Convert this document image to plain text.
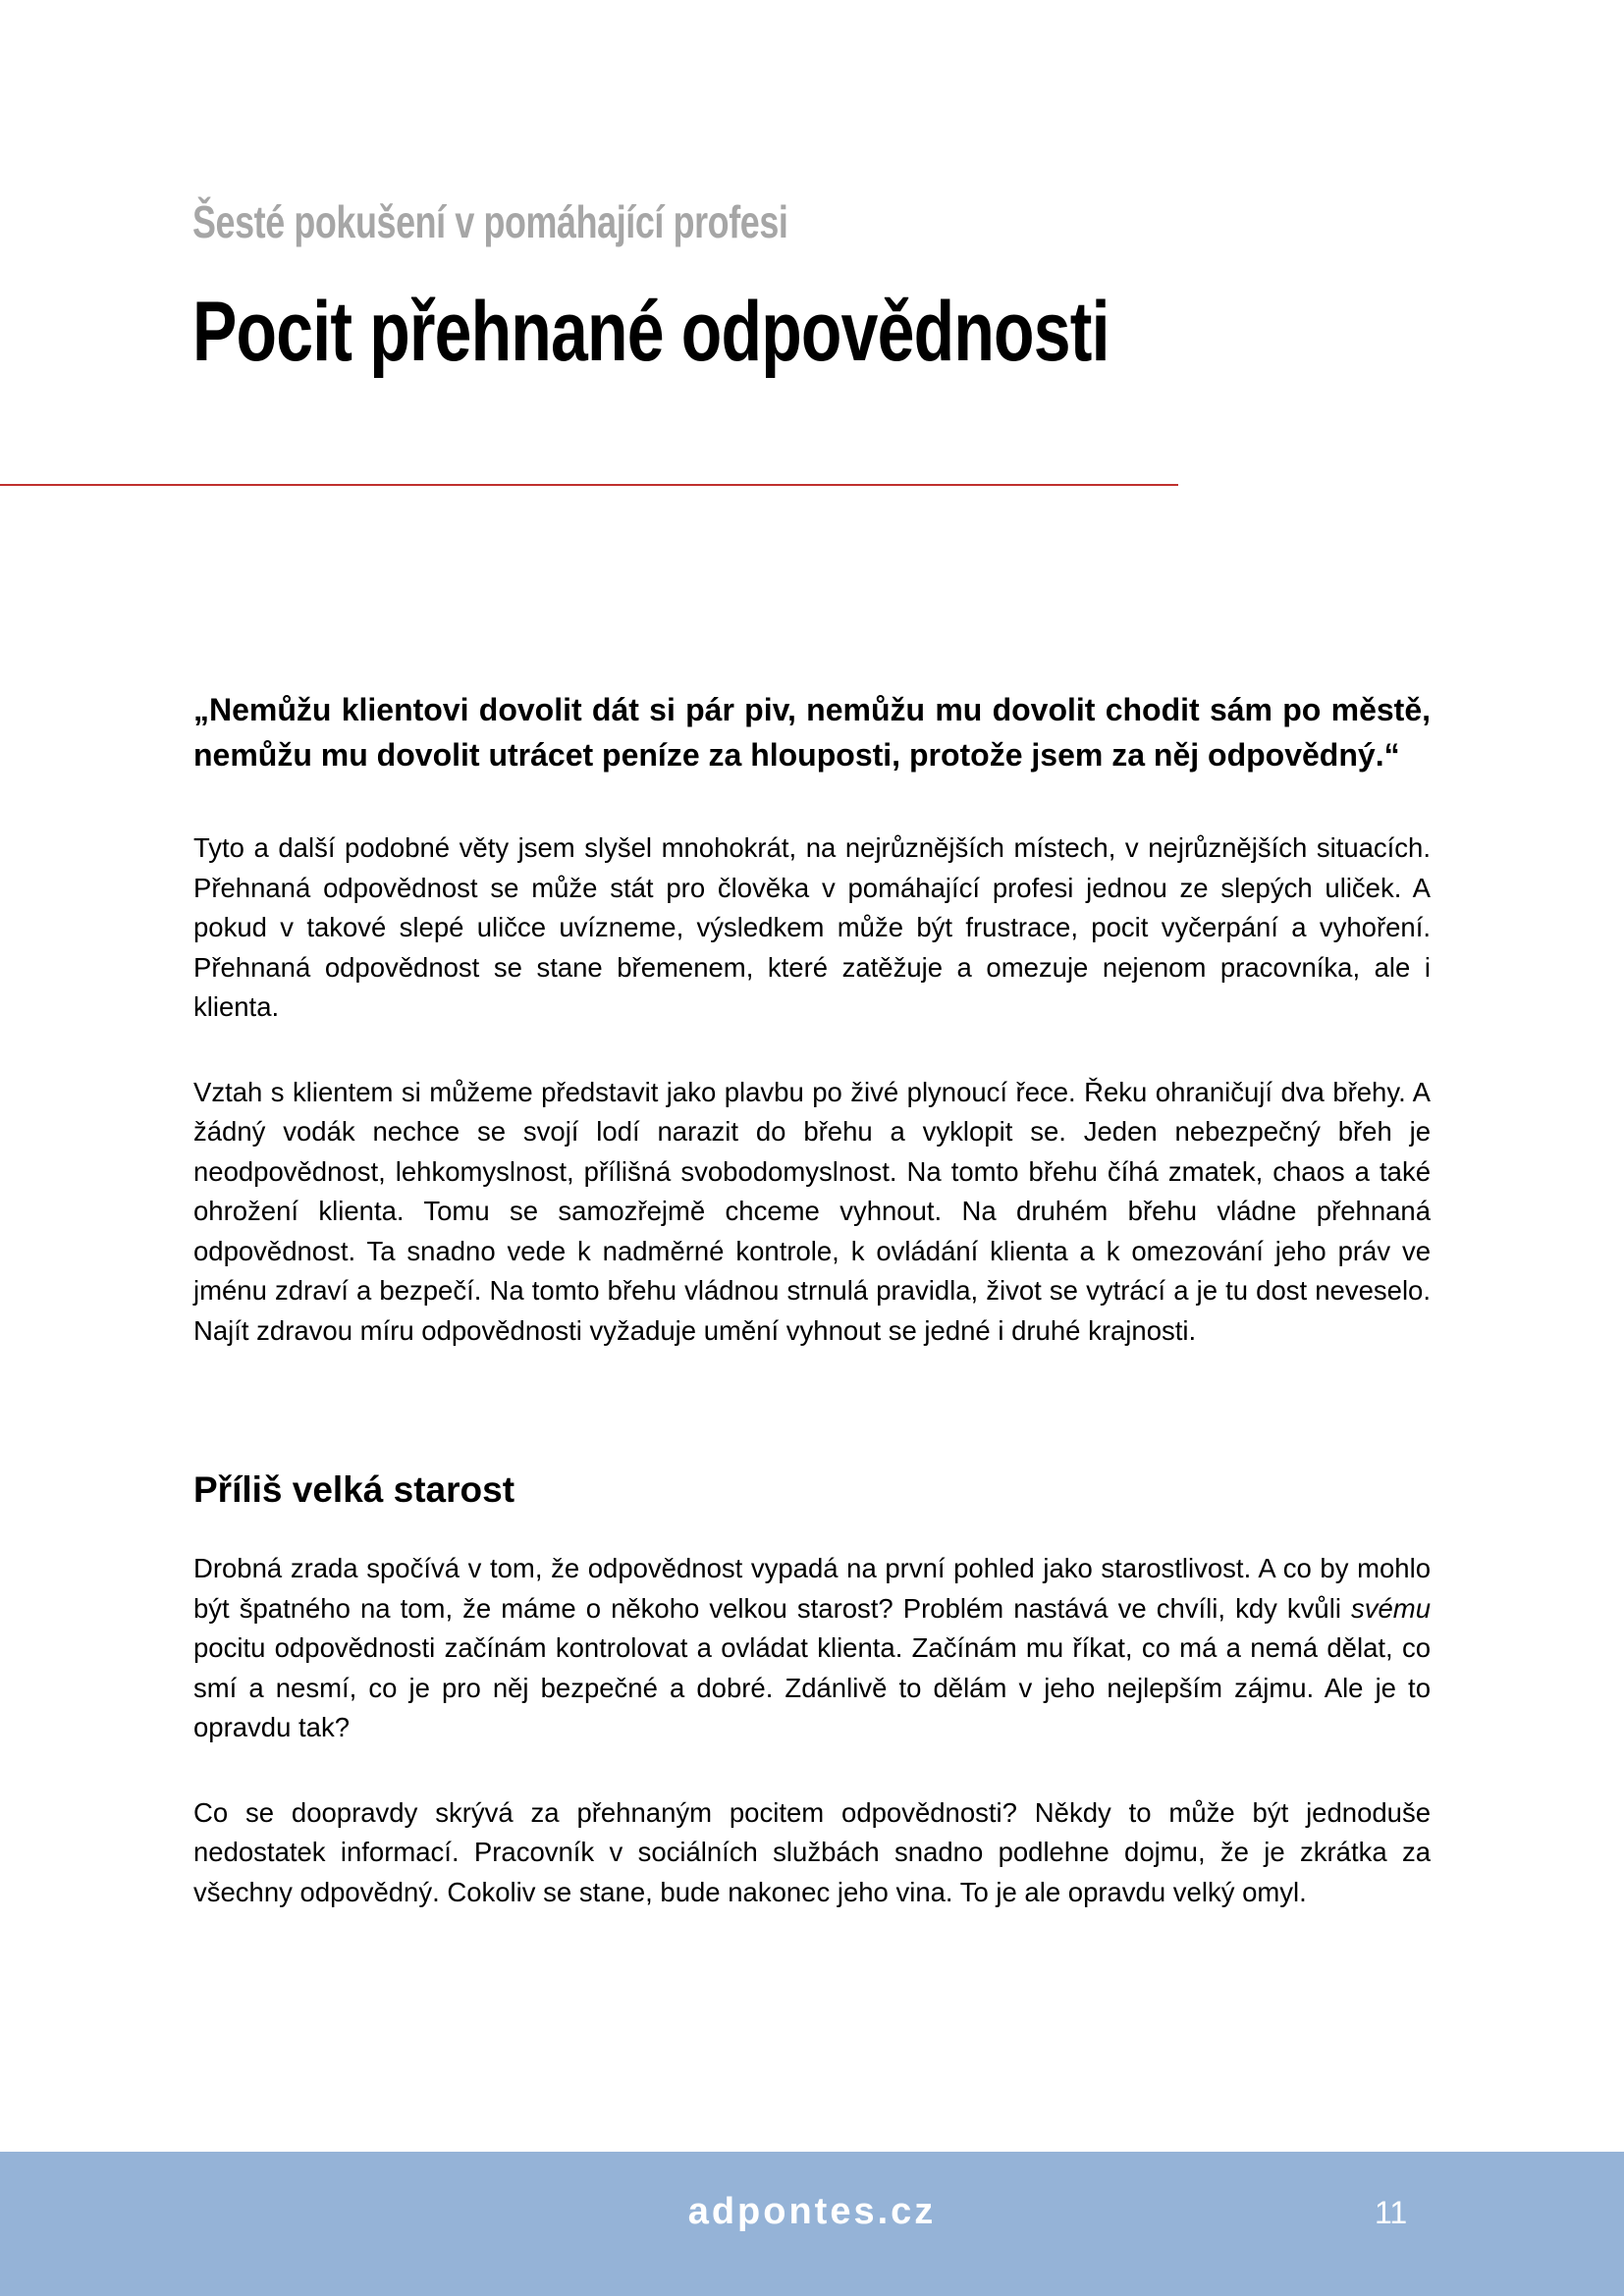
Šesté pokušení v pomáhající profesi
Pocit přehnané odpovědnosti

„Nemůžu klientovi dovolit dát si pár piv, nemůžu mu dovolit chodit sám po městě, nemůžu mu dovolit utrácet peníze za hlouposti, protože jsem za něj odpovědný.“

Tyto a další podobné věty jsem slyšel mnohokrát, na nejrůznějších místech, v nejrůznějších situacích. Přehnaná odpovědnost se může stát pro člověka v pomáhající profesi jednou ze slepých uliček. A pokud v takové slepé uličce uvízneme, výsledkem může být frustrace, pocit vyčerpání a vyhoření. Přehnaná odpovědnost se stane břemenem, které zatěžuje a omezuje nejenom pracovníka, ale i klienta.

Vztah s klientem si můžeme představit jako plavbu po živé plynoucí řece. Řeku ohraničují dva břehy. A žádný vodák nechce se svojí lodí narazit do břehu a vyklopit se. Jeden nebezpečný břeh je neodpovědnost, lehkomyslnost, přílišná svobodomyslnost. Na tomto břehu číhá zmatek, chaos a také ohrožení klienta. Tomu se samozřejmě chceme vyhnout. Na druhém břehu vládne přehnaná odpovědnost. Ta snadno vede k nadměrné kontrole, k ovládání klienta a k omezování jeho práv ve jménu zdraví a bezpečí. Na tomto břehu vládnou strnulá pravidla, život se vytrácí a je tu dost neveselo. Najít zdravou míru odpovědnosti vyžaduje umění vyhnout se jedné i druhé krajnosti.

Příliš velká starost

Drobná zrada spočívá v tom, že odpovědnost vypadá na první pohled jako starostlivost. A co by mohlo být špatného na tom, že máme o někoho velkou starost? Problém nastává ve chvíli, kdy kvůli svému pocitu odpovědnosti začínám kontrolovat a ovládat klienta. Začínám mu říkat, co má a nemá dělat, co smí a nesmí, co je pro něj bezpečné a dobré. Zdánlivě to dělám v jeho nejlepším zájmu. Ale je to opravdu tak?

Co se doopravdy skrývá za přehnaným pocitem odpovědnosti? Někdy to může být jednoduše nedostatek informací. Pracovník v sociálních službách snadno podlehne dojmu, že je zkrátka za všechny odpovědný. Cokoliv se stane, bude nakonec jeho vina. To je ale opravdu velký omyl.

adpontes.cz	11
